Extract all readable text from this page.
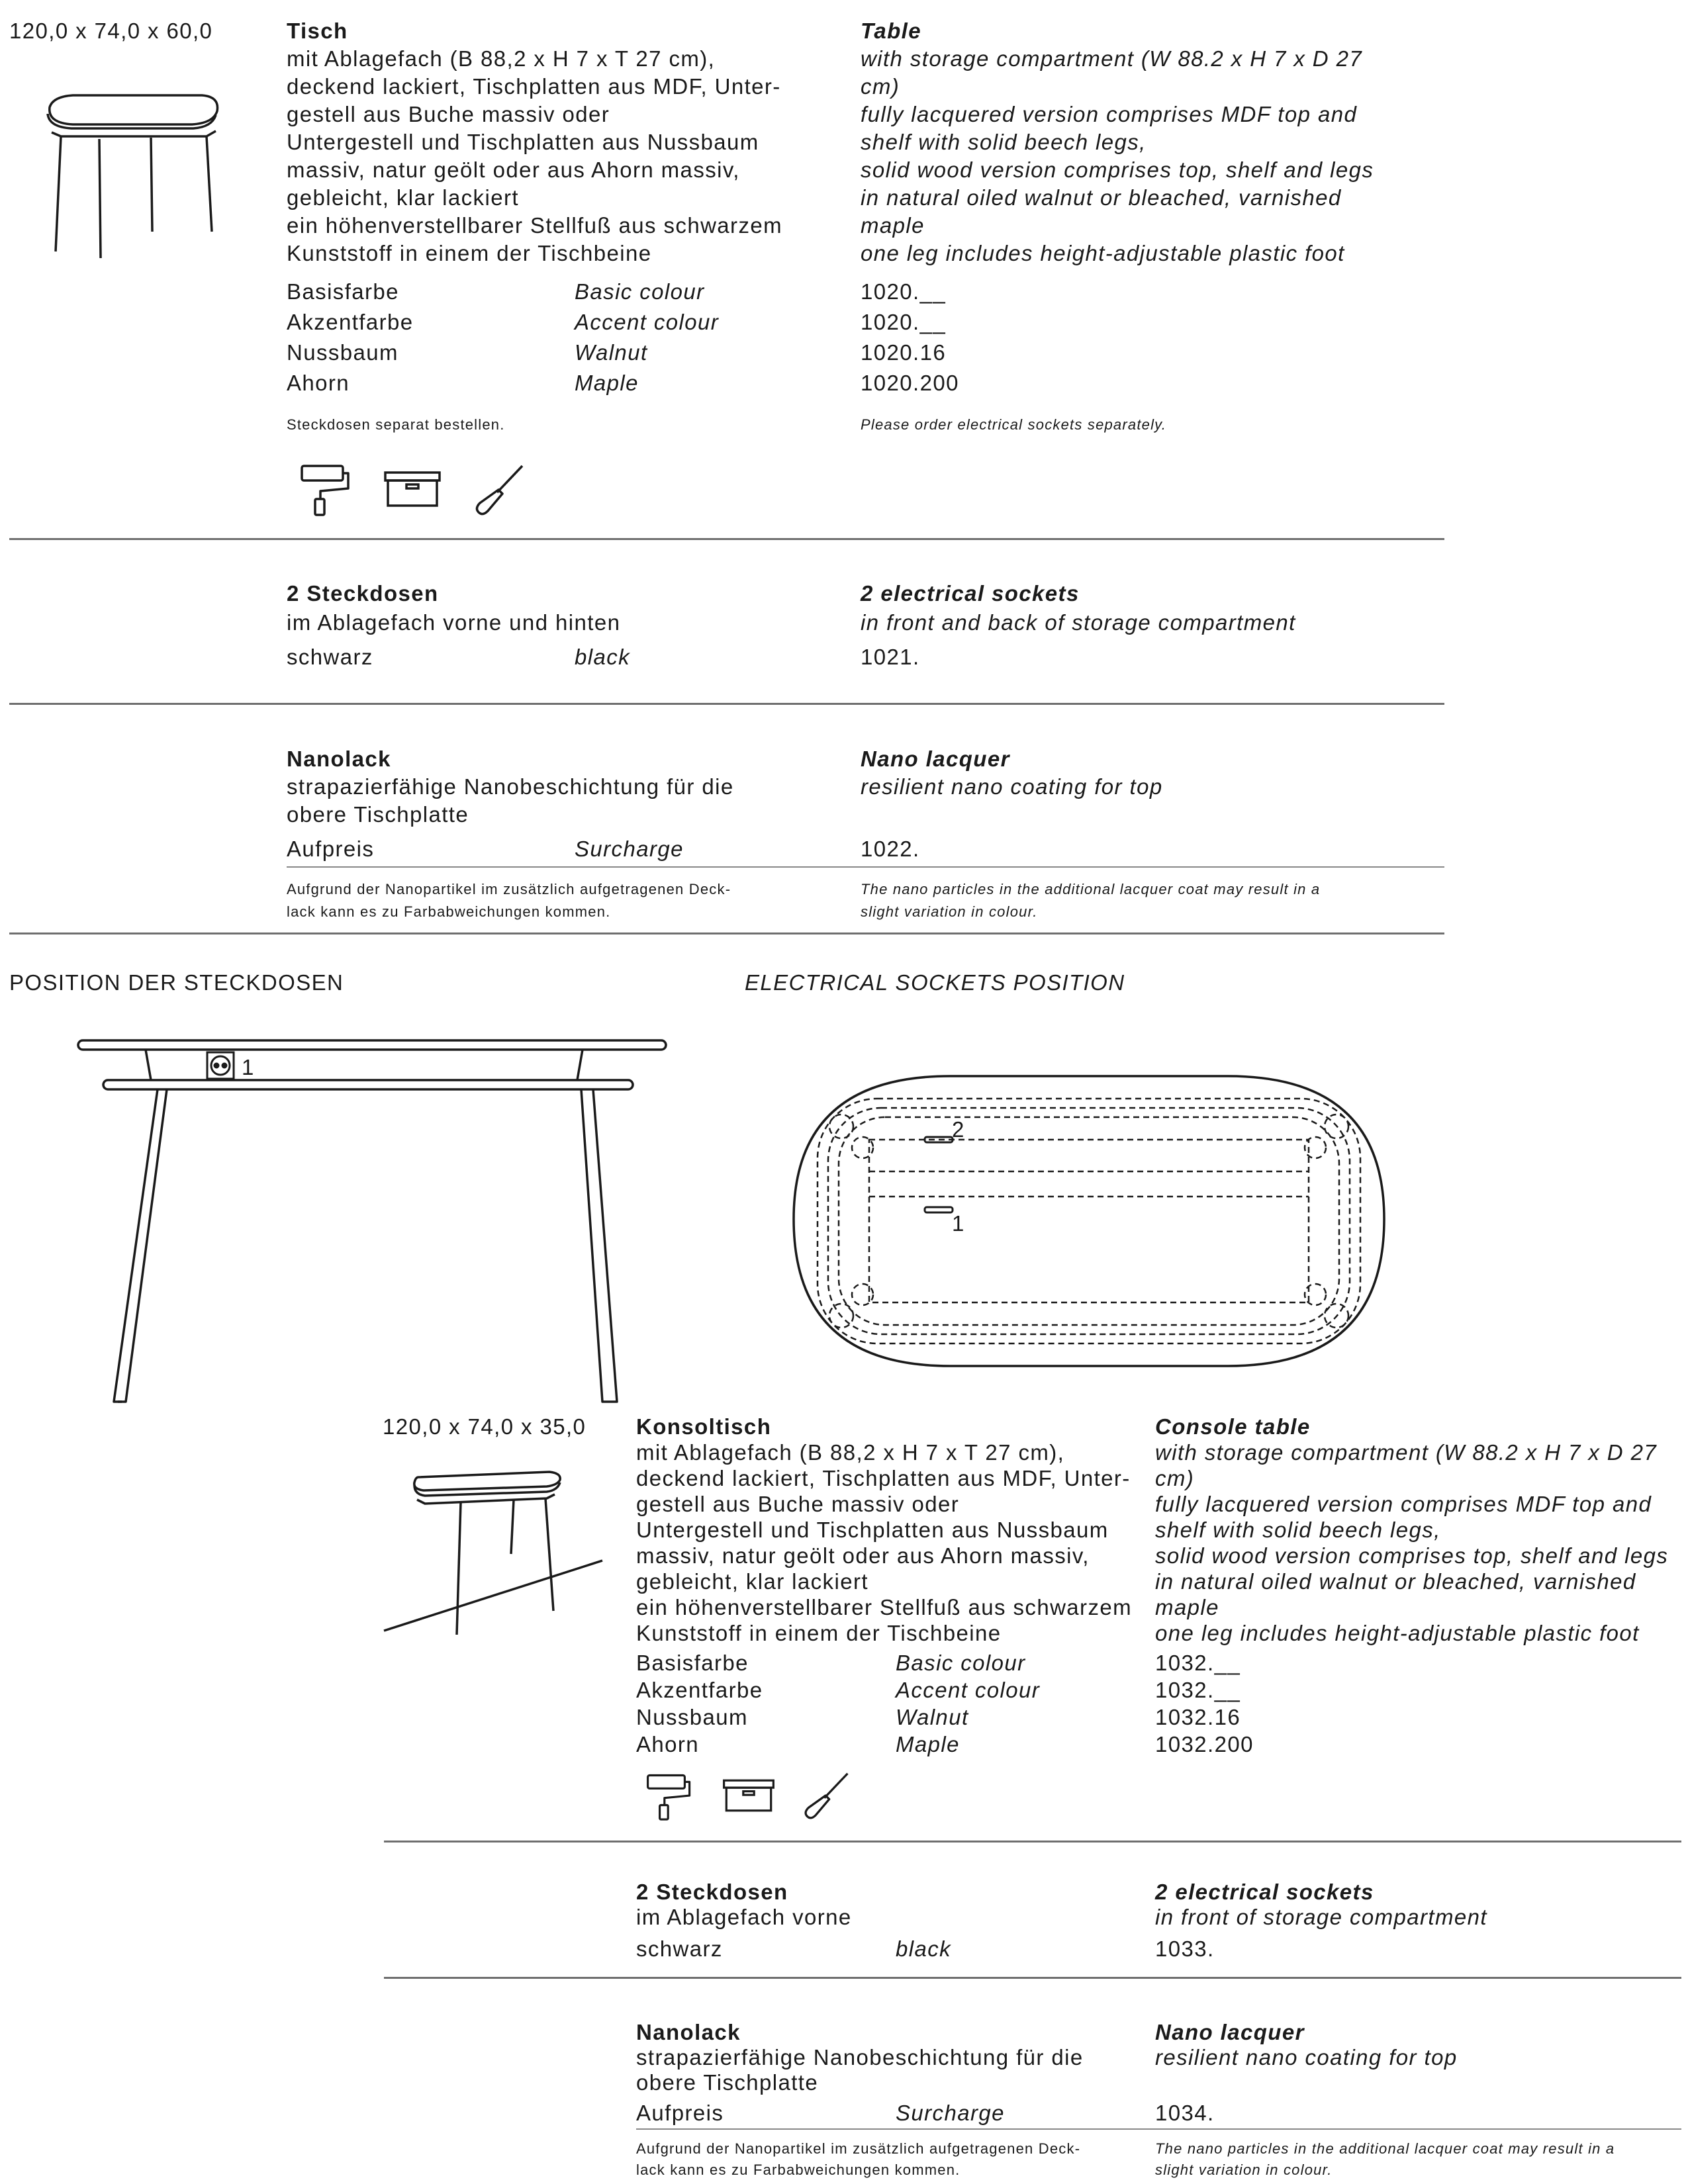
120,0 x 74,0 x 60,0	Tisch
mit Ablagefach (B 88,2 x H 7 x T 27 cm),
deckend lackiert, Tischplatten aus MDF, Unter-
gestell aus Buche massiv oder
Untergestell und Tischplatten aus Nussbaum
massiv, natur geölt oder aus Ahorn massiv,
gebleicht, klar lackiert
ein höhenverstellbarer Stellfuß aus schwarzem
Kunststoff in einem der Tischbeine
Table
with storage compartment (W 88.2 x H 7 x D 27
cm)
fully lacquered version comprises MDF top and
shelf with solid beech legs,
solid wood version comprises top, shelf and legs
in natural oiled walnut or bleached, varnished
maple
one leg includes height-adjustable plastic foot
Basisfarbe	Basic colour	1020.__
Akzentfarbe	Accent colour	1020.__
Nussbaum	Walnut	1020.16
Ahorn	Maple	1020.200
Steckdosen separat bestellen.	Please order electrical sockets separately.
2 Steckdosen
im Ablagefach vorne und hinten
2 electrical sockets
in front and back of storage compartment
schwarz	black	1021.
Nanolack
strapazierfähige Nanobeschichtung für die
obere Tischplatte
Nano lacquer
resilient nano coating for top
Aufpreis	Surcharge	1022.
Aufgrund der Nanopartikel im zusätzlich aufgetragenen Deck-
lack kann es zu Farbabweichungen kommen.
The nano particles in the additional lacquer coat may result in a
slight variation in colour.
POSITION DER STECKDOSEN	ELECTRICAL SOCKETS POSITION
1
2
1
120,0 x 74,0 x 35,0 Konsoltisch
mit Ablagefach (B 88,2 x H 7 x T 27 cm),
deckend lackiert, Tischplatten aus MDF, Unter-
gestell aus Buche massiv oder
Untergestell und Tischplatten aus Nussbaum
massiv, natur geölt oder aus Ahorn massiv,
gebleicht, klar lackiert
ein höhenverstellbarer Stellfuß aus schwarzem
Kunststoff in einem der Tischbeine
Console table
with storage compartment (W 88.2 x H 7 x D 27
cm)
fully lacquered version comprises MDF top and
shelf with solid beech legs,
solid wood version comprises top, shelf and legs
in natural oiled walnut or bleached, varnished
maple
one leg includes height-adjustable plastic foot
Basisfarbe	Basic colour	1032.__
Akzentfarbe	Accent colour	1032.__
Nussbaum	Walnut	1032.16
Ahorn	Maple	1032.200
2 Steckdosen
im Ablagefach vorne
2 electrical sockets
in front of storage compartment
schwarz	black	1033.
Nanolack
strapazierfähige Nanobeschichtung für die
obere Tischplatte
Nano lacquer
resilient nano coating for top
Aufpreis	Surcharge	1034.
Aufgrund der Nanopartikel im zusätzlich aufgetragenen Deck-
lack kann es zu Farbabweichungen kommen.
The nano particles in the additional lacquer coat may result in a
slight variation in colour.
